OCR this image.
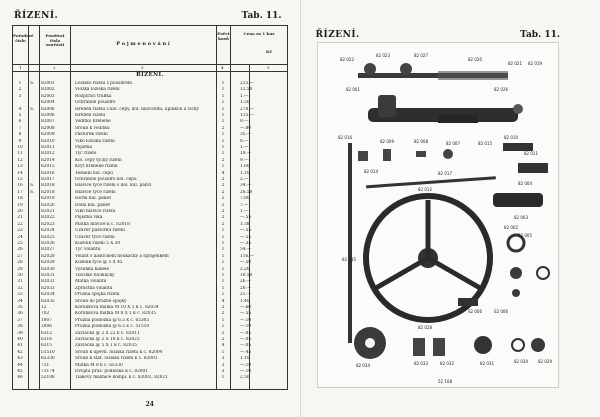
ŘÍZENÍ.	Tab. 11.
Pořadové číslo
Používat čísla součásti	P o j m e n o v á n í
Počet kusů
Cena za 1 kus
Kč
1	2	3	4	5
ŘÍZENÍ.
1	S.	82001	Ložisko řízení s pouzdrem	1	235.—
2	82002	Vložka ložiska řízení	1	12.50
3	82003	Rozpírací trubka	1	1.—
82004	Ochranné pouzdro	1	1.50
4	S.	82006	Hřeben řízení s kol. čepy, dol. hlavicemi, úpinkou a víčky	1	278.—
5	82006	Hřeben řízení	1	115.—
6	82007	Vodítko hřebene	1	9.—
7	82008	Šroub k vodítku	2	—.80
8	82009	Pastorek řízení	1	35.—
9	82010	Víko ložiska řízení	1	8.—
10	82011	Pojistka	1	1.—
11	82012	Tyč řízení	1	18.—
12	82014	Kol. čepy tyčky řízení	2	9.—
13	82015	Kryt hřebene řízení	1	1.60
14	82016	Těsnění kol. čepu	4	1.10
15	82017	Ochranné pouzdro kol. čepu	2	2.—
16	S.	82018	Hlavice tyče řízení s dol. kul. pánví	2	34.—
17	S.	82018	Hlavice tyče řízení	2	26.50
18	82019	Horní kul. pánev	2	7.80
19	82020	Dolní kul. pánev	2	7.—
20	82021	Víko hlavice řízení	2	1.—
21	82022	Pojistka víka	2	—.55
22	82023	Matka hlavice k č. 82018	2	1.38
23	82024	Uzávěr pastorku řízení	1	—.55
24	82025	Uzávěr tyče řízení	1	—.55
25	82026	Kuželík řízení 5 X 30	1	—.35
26	82027	Tyč volantu	1	54.—
27	82028	Volant s ilaštičkem houkačky a sprajenkem	1	116.—
28	82029	Kuželík tyče @ 5 X 45	1	—.50
29	82030	Vysunka kabele	1	2.20
30	82031	Tlačítko houkačky	1	10.50
31	82032	Matka volantu	1	26.—
32	82033	Zpruštna volantu	1	20.—
33	82034	Pružná spojka řízení	1	21.—
34	82035	Šroub do pružné spojky	4	1.40
35	12	Korunková matka M 10 X 1 k č. 82034	2	—.60
36	702	Korunková matka M 8 X 1 k č. 82035	2	—.55
37	1807	Pružná podložka @ 6.5 k č. 65305	1	—.10
38	2806	Pružná podložka @ 6.5 k č. 51510	1	—.10
39	6312	Závlačka @ 2 X 22 k č. 82011	2	—.05
40	6316	Závlačka @ 2 X 18 k č. 82023	2	—.05
41	6315	Závlačka @ 5 X 1 k č. 82035	4	—.05
42	51510	Šroub k upevn. ložiska řízení k č. 82004	1	—.45
43	65330	Šroub k stat. ložisku řízení k č. 82001	3	1.10
44	731	Matka M 8 k č. 65330	3	—.19
45	73174	Dvojitá pruž. podložka k č. 82001	3	—.10
46	52108	Tlakový maznice kompl. k č. 82001, 82021	1	2.50
24
ŘÍZENÍ.	Tab. 11.
82 022
82 023	82 027
82 020
82 021 82 019
82 001	82 026
82 016
82 009	82 008	82 007	82 015
82 010
82 011
82 004
82 003
82 002
82 014	82 017
82 012
82 035
82 005
82 028
82 034	82 033	82 032	82 031	82 030	82 029
S2 006	S2 006
52 108
